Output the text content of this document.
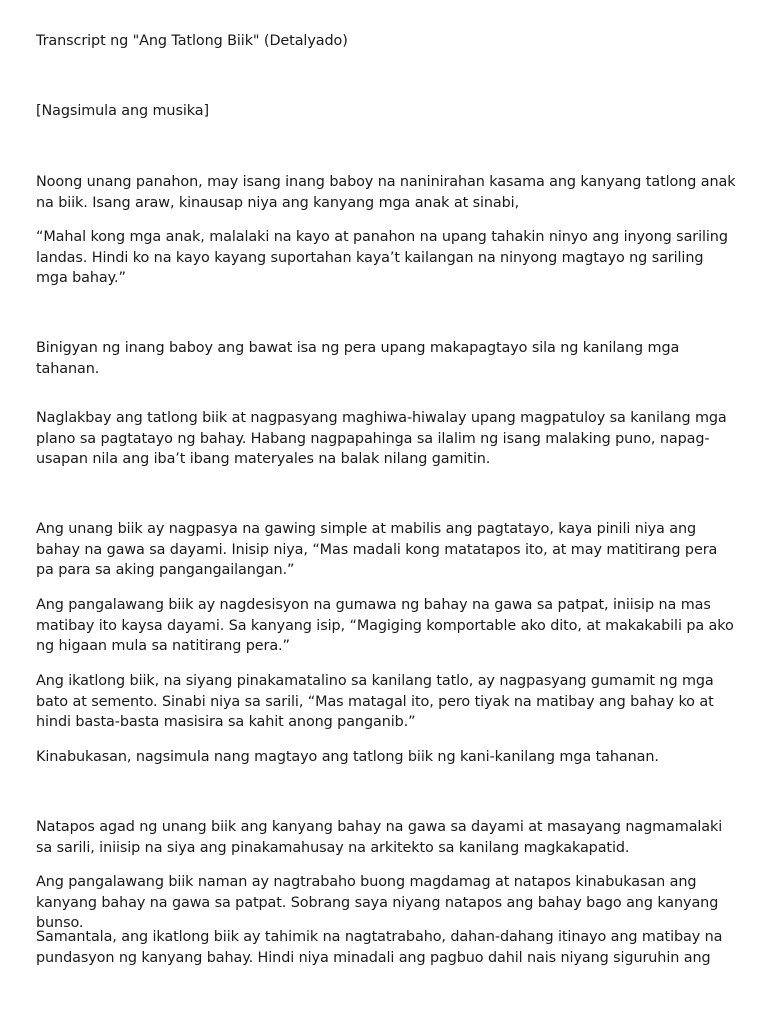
Transcript ng "Ang Tatlong Biik" (Detalyado)

[Nagsimula ang musika]

Noong unang panahon, may isang inang baboy na naninirahan kasama ang kanyang tatlong anak na biik. Isang araw, kinausap niya ang kanyang mga anak at sinabi,

“Mahal kong mga anak, malalaki na kayo at panahon na upang tahakin ninyo ang inyong sariling landas. Hindi ko na kayo kayang suportahan kaya’t kailangan na ninyong magtayo ng sariling mga bahay.”

Binigyan ng inang baboy ang bawat isa ng pera upang makapagtayo sila ng kanilang mga tahanan.

Naglakbay ang tatlong biik at nagpasyang maghiwa-hiwalay upang magpatuloy sa kanilang mga plano sa pagtatayo ng bahay. Habang nagpapahinga sa ilalim ng isang malaking puno, napag-usapan nila ang iba’t ibang materyales na balak nilang gamitin.

Ang unang biik ay nagpasya na gawing simple at mabilis ang pagtatayo, kaya pinili niya ang bahay na gawa sa dayami. Inisip niya, “Mas madali kong matatapos ito, at may matitirang pera pa para sa aking pangangailangan.”

Ang pangalawang biik ay nagdesisyon na gumawa ng bahay na gawa sa patpat, iniisip na mas matibay ito kaysa dayami. Sa kanyang isip, “Magiging komportable ako dito, at makakabili pa ako ng higaan mula sa natitirang pera.”

Ang ikatlong biik, na siyang pinakamatalino sa kanilang tatlo, ay nagpasyang gumamit ng mga bato at semento. Sinabi niya sa sarili, “Mas matagal ito, pero tiyak na matibay ang bahay ko at hindi basta-basta masisira sa kahit anong panganib.”

Kinabukasan, nagsimula nang magtayo ang tatlong biik ng kani-kanilang mga tahanan.

Natapos agad ng unang biik ang kanyang bahay na gawa sa dayami at masayang nagmamalaki sa sarili, iniisip na siya ang pinakamahusay na arkitekto sa kanilang magkakapatid.

Ang pangalawang biik naman ay nagtrabaho buong magdamag at natapos kinabukasan ang kanyang bahay na gawa sa patpat. Sobrang saya niyang natapos ang bahay bago ang kanyang bunso.

Samantala, ang ikatlong biik ay tahimik na nagtatrabaho, dahan-dahang itinayo ang matibay na pundasyon ng kanyang bahay. Hindi niya minadali ang pagbuo dahil nais niyang siguruhin ang
